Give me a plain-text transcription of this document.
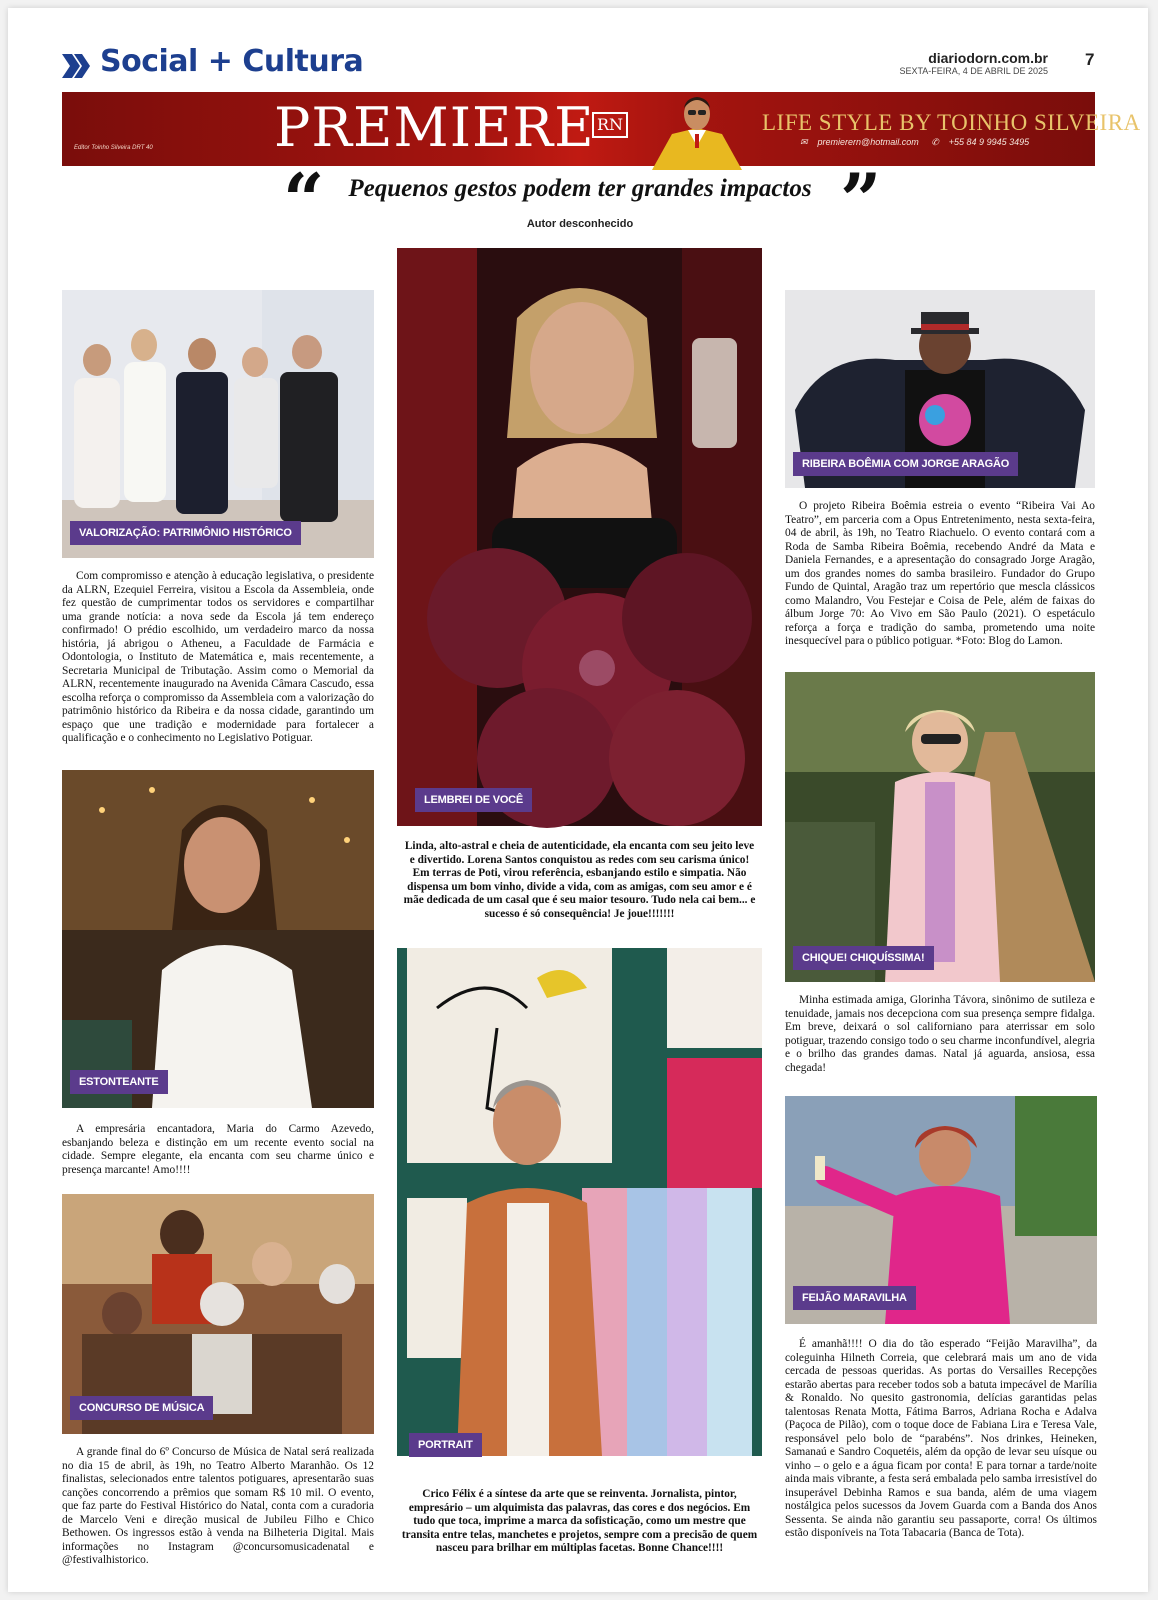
Social + Cultura	diariodorn.com.br
SEXTA-FEIRA, 4 DE ABRIL DE 2025
7
Editor Toinho Silveira DRT 40 PREMIERE RN	LIFE STYLE BY TOINHO SILVEIRA
✉ premierern@hotmail.com ✆ +55 84 9 9945 3495
“ Pequenos gestos podem ter grandes impactos ”
Autor desconhecido
VALORIZAÇÃO: PATRIMÔNIO HISTÓRICO
Com compromisso e atenção à educação legislativa, o presidente da ALRN, Ezequiel Ferreira, visitou a Escola da Assembleia, onde fez questão de cumprimentar todos os servidores e compartilhar uma grande notícia: a nova sede da Escola já tem endereço confirmado! O prédio escolhido, um verdadeiro marco da nossa história, já abrigou o Atheneu, a Faculdade de Farmácia e Odontologia, o Instituto de Matemática e, mais recentemente, a Secretaria Municipal de Tributação. Assim como o Memorial da ALRN, recentemente inaugurado na Avenida Câmara Cascudo, essa escolha reforça o compromisso da Assembleia com a valorização do patrimônio histórico da Ribeira e da nossa cidade, garantindo um espaço que une tradição e modernidade para fortalecer a qualificação e o conhecimento no Legislativo Potiguar.
ESTONTEANTE
A empresária encantadora, Maria do Carmo Azevedo, esbanjando beleza e distinção em um recente evento social na cidade. Sempre elegante, ela encanta com seu charme único e presença marcante! Amo!!!!
CONCURSO DE MÚSICA
A grande final do 6º Concurso de Música de Natal será realizada no dia 15 de abril, às 19h, no Teatro Alberto Maranhão. Os 12 finalistas, selecionados entre talentos potiguares, apresentarão suas canções concorrendo a prêmios que somam R$ 10 mil. O evento, que faz parte do Festival Histórico do Natal, conta com a curadoria de Marcelo Veni e direção musical de Jubileu Filho e Chico Bethowen. Os ingressos estão à venda na Bilheteria Digital. Mais informações no Instagram @concursomusicadenatal e @festivalhistorico.
LEMBREI DE VOCÊ
Linda, alto-astral e cheia de autenticidade, ela encanta com seu jeito leve e divertido. Lorena Santos conquistou as redes com seu carisma único! Em terras de Poti, virou referência, esbanjando estilo e simpatia. Não dispensa um bom vinho, divide a vida, com as amigas, com seu amor e é mãe dedicada de um casal que é seu maior tesouro. Tudo nela cai bem... e sucesso é só consequência! Je joue!!!!!!!
PORTRAIT
Crico Félix é a síntese da arte que se reinventa. Jornalista, pintor, empresário – um alquimista das palavras, das cores e dos negócios. Em tudo que toca, imprime a marca da sofisticação, como um mestre que transita entre telas, manchetes e projetos, sempre com a precisão de quem nasceu para brilhar em múltiplas facetas. Bonne Chance!!!!
RIBEIRA BOÊMIA COM JORGE ARAGÃO
O projeto Ribeira Boêmia estreia o evento “Ribeira Vai Ao Teatro”, em parceria com a Opus Entretenimento, nesta sexta-feira, 04 de abril, às 19h, no Teatro Riachuelo. O evento contará com a Roda de Samba Ribeira Boêmia, recebendo André da Mata e Daniela Fernandes, e a apresentação do consagrado Jorge Aragão, um dos grandes nomes do samba brasileiro. Fundador do Grupo Fundo de Quintal, Aragão traz um repertório que mescla clássicos como Malandro, Vou Festejar e Coisa de Pele, além de faixas do álbum Jorge 70: Ao Vivo em São Paulo (2021). O espetáculo reforça a força e tradição do samba, prometendo uma noite inesquecível para o público potiguar. *Foto: Blog do Lamon.
CHIQUE! CHIQUÍSSIMA!
Minha estimada amiga, Glorinha Távora, sinônimo de sutileza e tenuidade, jamais nos decepciona com sua presença sempre fidalga. Em breve, deixará o sol californiano para aterrissar em solo potiguar, trazendo consigo todo o seu charme inconfundível, alegria e o brilho das grandes damas. Natal já aguarda, ansiosa, essa chegada!
FEIJÃO MARAVILHA
É amanhã!!!! O dia do tão esperado “Feijão Maravilha”, da coleguinha Hilneth Correia, que celebrará mais um ano de vida cercada de pessoas queridas. As portas do Versailles Recepções estarão abertas para receber todos sob a batuta impecável de Marília & Ronaldo. No quesito gastronomia, delícias garantidas pelas talentosas Renata Motta, Fátima Barros, Adriana Rocha e Adalva (Paçoca de Pilão), com o toque doce de Fabiana Lira e Teresa Vale, responsável pelo bolo de “parabéns”. Nos drinkes, Heineken, Samanaú e Sandro Coquetéis, além da opção de levar seu uísque ou vinho – o gelo e a água ficam por conta! E para tornar a tarde/noite ainda mais vibrante, a festa será embalada pelo samba irresistível do insuperável Debinha Ramos e sua banda, além de uma viagem nostálgica pelos sucessos da Jovem Guarda com a Banda dos Anos Sessenta. Se ainda não garantiu seu passaporte, corra! Os últimos estão disponíveis na Tota Tabacaria (Banca de Tota).
